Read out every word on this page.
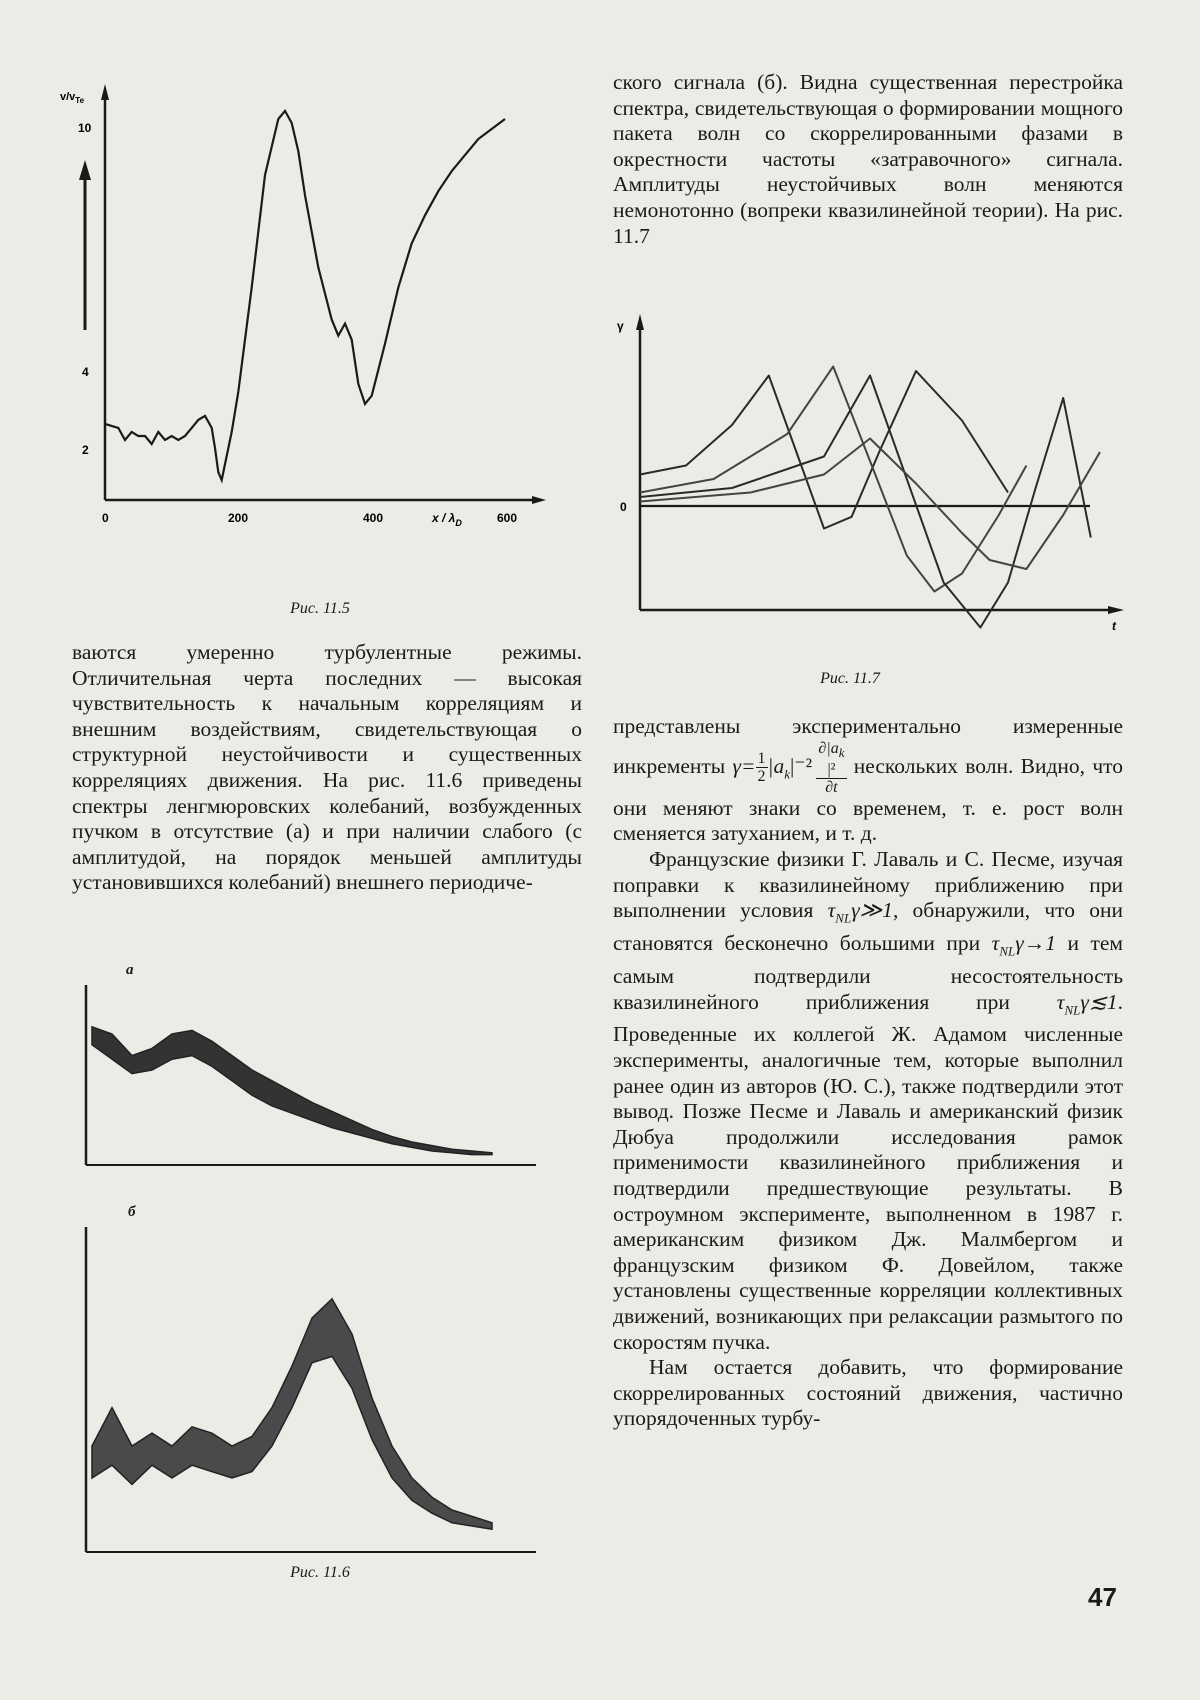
$v/v_{Te}$
10
4
2
0	200	400	600
x / $\lambda_D$
Рис. 11.5

ваются умеренно турбулентные режимы. Отличительная черта последних — высокая чувствительность к начальным корреляциям и внешним воздействиям, свидетельствующая о структурной неустойчивости и существенных корреляциях движения. На рис. 11.6 приведены спектры ленгмюровских колебаний, возбужденных пучком в отсутствие (а) и при наличии слабого (с амплитудой, на порядок меньшей амплитуды установившихся колебаний) внешнего периодиче-

а
б
Рис. 11.6

ского сигнала (б). Видна существенная перестройка спектра, свидетельствующая о формировании мощного пакета волн со скоррелированными фазами в окрестности частоты «затравочного» сигнала. Амплитуды неустойчивых волн меняются немонотонно (вопреки квазилинейной теории). На рис. 11.7

γ
0
t
Рис. 11.7

представлены экспериментально измеренные инкременты $\gamma= \frac{1}{2} |a_k|^{-2}$  $\partial|a_k$
|²
∂t нескольких волн. Видно, что они меняют знаки со временем, т. е. рост волн сменяется затуханием, и т. д.

Французские физики Г. Лаваль и С. Песме, изучая поправки к квазилинейному приближению при выполнении условия $\tau_{NL}\gamma≫1$, обнаружили, что они становятся бесконечно большими при $\tau_{NL}\gamma\to 1$ и тем самым подтвердили несостоятельность квазилинейного приближения при $\tau_{NL}\gamma≲1$. Проведенные их коллегой Ж. Адамом численные эксперименты, аналогичные тем, которые выполнил ранее один из авторов (Ю. С.), также подтвердили этот вывод. Позже Песме и Лаваль и американский физик Дюбуа продолжили исследования рамок применимости квазилинейного приближения и подтвердили предшествующие результаты. В остроумном эксперименте, выполненном в 1987 г. американским физиком Дж. Малмбергом и французским физиком Ф. Довейлом, также установлены существенные корреляции коллективных движений, возникающих при релаксации размытого по скоростям пучка.

Нам остается добавить, что формирование скоррелированных состояний движения, частично упорядоченных турбу-

47
